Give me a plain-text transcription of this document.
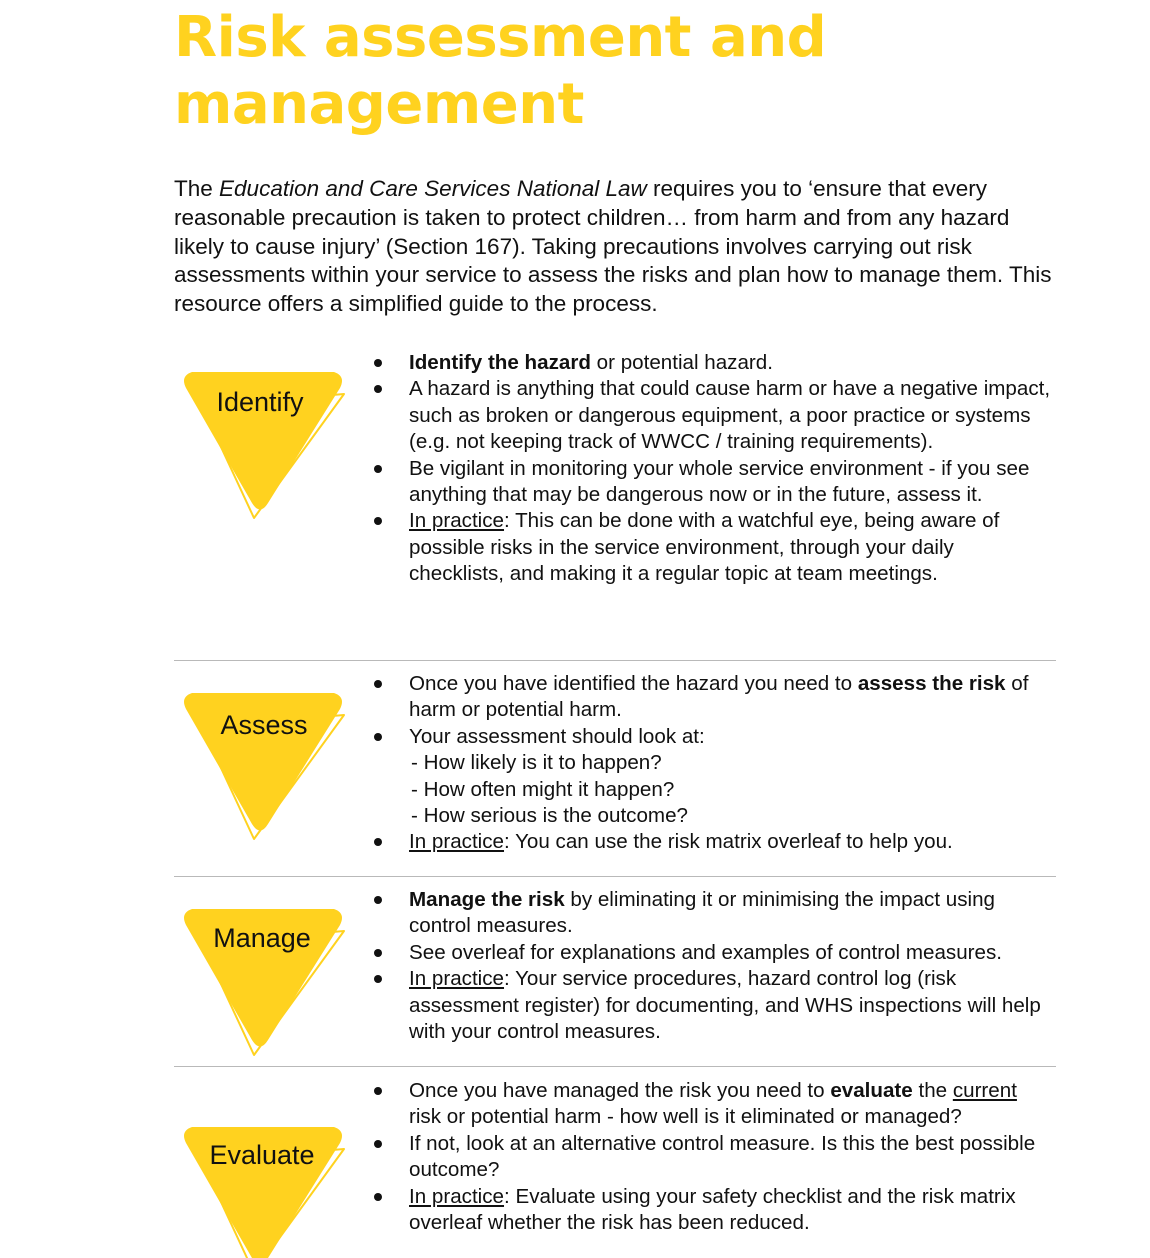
Risk assessment and
management

The Education and Care Services National Law requires you to ‘ensure that every reasonable precaution is taken to protect children… from harm and from any hazard likely to cause injury’ (Section 167). Taking precautions involves carrying out risk assessments within your service to assess the risks and plan how to manage them. This resource offers a simplified guide to the process.

Identify
Identify the hazard or potential hazard.
A hazard is anything that could cause harm or have a negative impact, such as broken or dangerous equipment, a poor practice or systems (e.g. not keeping track of WWCC / training requirements).
Be vigilant in monitoring your whole service environment - if you see anything that may be dangerous now or in the future, assess it.
In practice: This can be done with a watchful eye, being aware of possible risks in the service environment, through your daily checklists, and making it a regular topic at team meetings.
Assess
Once you have identified the hazard you need to assess the risk of harm or potential harm.
Your assessment should look at:
- How likely is it to happen?
- How often might it happen?
- How serious is the outcome?
In practice: You can use the risk matrix overleaf to help you.
Manage
Manage the risk by eliminating it or minimising the impact using control measures.
See overleaf for explanations and examples of control measures.
In practice: Your service procedures, hazard control log (risk assessment register) for documenting, and WHS inspections will help with your control measures.
Evaluate
Once you have managed the risk you need to evaluate the current risk or potential harm - how well is it eliminated or managed?
If not, look at an alternative control measure. Is this the best possible outcome?
In practice: Evaluate using your safety checklist and the risk matrix overleaf whether the risk has been reduced.
